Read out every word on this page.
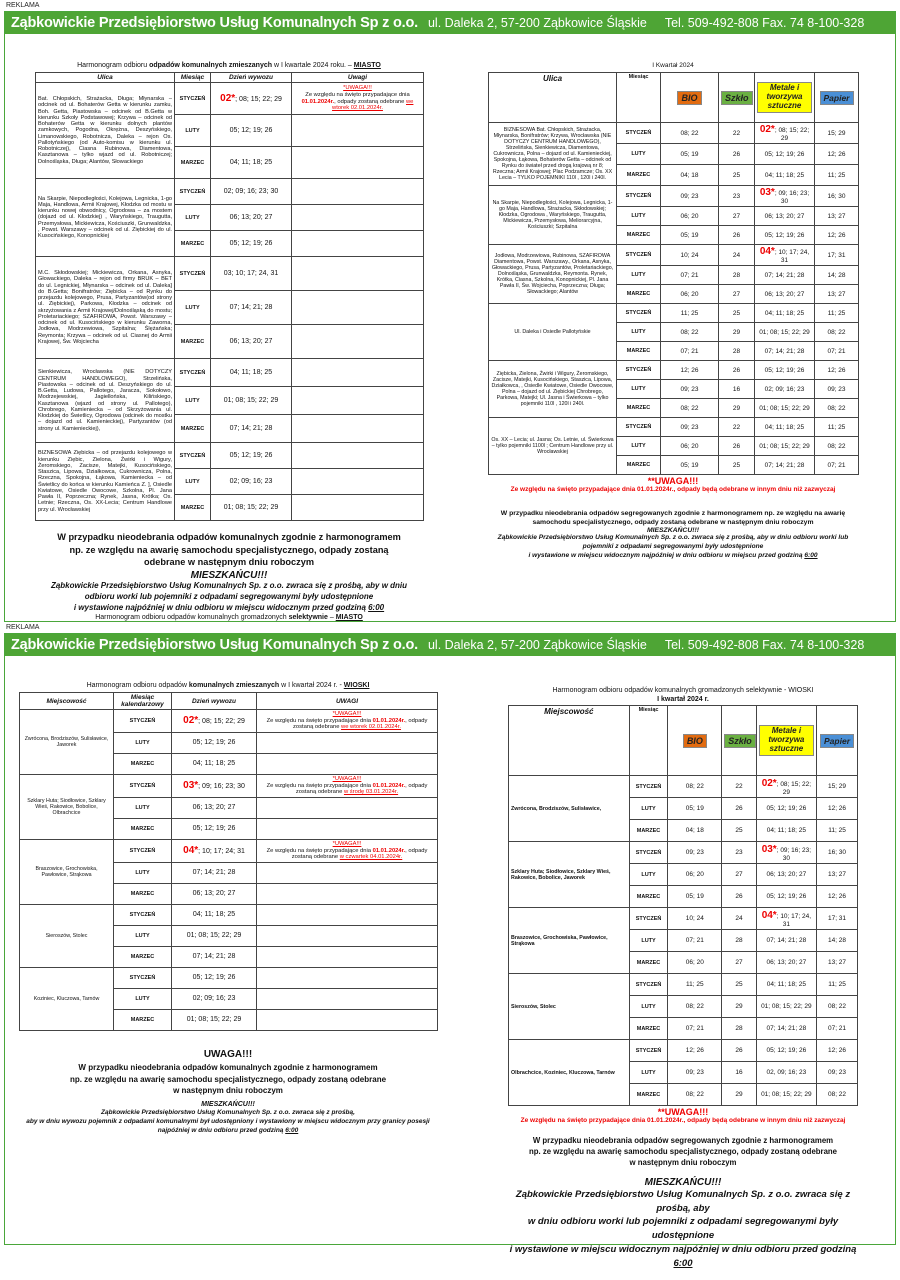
REKLAMA
Ząbkowickie Przedsiębiorstwo Usług Komunalnych Sp z o.o. ul. Daleka 2, 57-200 Ząbkowice Śląskie Tel. 509-492-808 Fax. 74 8-100-328
Harmonogram odbioru odpadów komunalnych zmieszanych w I kwartale 2024 roku. – MIASTO
Ulica	Miesiąc	Dzień wywozu	Uwagi
Bat. Chłopskich, Strażacka, Długa; Młynarska – odcinek od ul. Bohaterów Getta w kierunku zamku, Boh. Getta, Piastowska – odcinek od B.Getta w kierunku Szkoły Podstawowej; Krzywa – odcinek od Bohaterów Getta w kierunku dolnych plantów zamkowych, Pogodna, Okrężna, Deszyńskiego, Limanowskiego, Robotnicza, Daleka – rejon Os. Pallotyńskiego (od Auto-komisu w kierunku ul. Robotniczej), Ciasna Rubinowa, Diamentowa, Kasztanowa – tylko wjazd od ul. Robotniczej; Dolnośląska, Długa; Alantów, Słowackiego	STYCZEŃ	02*; 08; 15; 22; 29	*UWAGA!!!
Ze względu na święto przypadające dnia 01.01.2024r., odpady zostaną odebrane we wtorek 02.01.2024r.
	LUTY	05; 12; 19; 26	
	MARZEC	04; 11; 18; 25	
Na Skarpie, Niepodległości, Kolejowa, Legnicka, 1-go Maja, Handlowa, Armii Krajowej, Kłodzka od mostu w kierunku nowej obwodnicy, Ogrodowa – za mostem (dojazd od ul. Kłodzkiej) , Waryńskiego, Traugutta, Przemysłowa, Mickiewicza, Kościuszki, Grunwaldzka, , Powst. Warszawy – odcinek od ul. Ziębickiej do ul. Kusocińskiego, Konopnickiej	STYCZEŃ	02; 09; 16; 23; 30	
	LUTY	06; 13; 20; 27	
	MARZEC	05; 12; 19; 26	
M.C. Skłodowskiej; Mickiewicza, Orkana, Asnyka, Głowackiego, Daleka – rejon od firmy BRUK – BET do ul. Legnickiej, Młynarska – odcinek od ul. Daleka] do B.Getta; Bonifratrów; Ziębicka – od Rynku do przejazdu kolejowego, Prusa, Partyzantów(od strony ul. Ziębickiej), Parkowa, Kłodzka – odcinek od skrzyżowania z Armii Krajowej/Dolnośląską do mostu; Proletariackiego; SZAFIROWA, Powst. Warszawy – odcinek od ul. Kusocińskiego w kierunku Zaworna, Jodłowa, Modrzewiowa, Szpitalna; Ślężańska; Reymonta; Krzywa – odcinek od ul. Ciasnej do Armii Krajowej, Św. Wojciecha	STYCZEŃ	03; 10; 17; 24, 31	
	LUTY	07; 14; 21; 28	
	MARZEC	06; 13; 20; 27	
Sienkiewicza, Wrocławska (NIE DOTYCZY CENTRUM HANDLOWEGO), Strzelińska, Piastowska – odcinek od ul. Deszyńskiego do ul. B.Getta, Ludowa, Pallotego, Jaracza, Sokołowo, Modrzejewskiej, Jagiellońska, Kilińskiego, Kasztanowa (wjazd od strony ul. Pallotego), Chrobrego, Kamieniecka – od Skrzyżowania ul. Kłodzkiej do Świetlicy, Ogrodowa (odcinek do mostku – dojazd od ul. Kamienieckiej), Partyzantów (od strony ul. Kamienieckiej),	STYCZEŃ	04; 11; 18; 25	
	LUTY	01; 08; 15; 22; 29	
	MARZEC	07; 14; 21; 28	
BIZNESOWA Ziębicka – od przejazdu kolejowego w kierunku Ziębic, Zielona, Żwirki i Wigury, Żeromskiego, Zacisze, Matejki, Kusocińskiego, Staszica, Lipowa, Działkowca, Cukrownicza, Polna, Rzeczna, Spokojna, Łąkowa, Kamieniecka – od Świetlicy do końca w kierunku Kamieńca Z. ], Osiedle Kwiatowe, Osiedle Owocowe, Szkolna, Pl. Jana Pawła II, Poprzeczna; Rynek, Jasna, Krótka; Os. Letnie; Rzeczna, Os. XX-Lecia; Centrum Handlowe przy ul. Wrocławskiej	STYCZEŃ	05; 12; 19; 26	
	LUTY	02; 09; 16; 23	
	MARZEC	01; 08; 15; 22; 29	
W przypadku nieodebrania odpadów komunalnych zgodnie z harmonogramem
np. ze względu na awarię samochodu specjalistycznego, odpady zostaną
odebrane w następnym dniu roboczym
MIESZKAŃCU!!!
Ząbkowickie Przedsiębiorstwo Usług Komunalnych Sp. z o.o. zwraca się z prośbą, aby w dniu
odbioru worki lub pojemniki z odpadami segregowanymi były udostępnione
i wystawione najpóźniej w dniu odbioru w miejscu widocznym przed godziną 6:00
Harmonogram odbioru odpadów komunalnych gromadzonych selektywnie – MIASTO
I Kwartał 2024
Ulica	Miesiąc	BIO	Szkło	Metale i tworzywa sztuczne	Papier
BIZNESOWA Bat. Chłopskich, Strażacka, Młynarska, Bonifratrów; Krzywa, Wrocławska (NIE DOTYCZY CENTRUM HANDLOWEGO), Strzelińska, Sienkiewicza, Diamentowa, Cukrownicza, Polna – dojazd od ul. Kamienieckiej, Spokojna, Łąkowa, Bohaterów Getta – odcinek od Rynku do świateł przed drogą krajową nr 8; Rzeczna; Armii Krajowej; Plac Podzamcze; Os. XX Lecia – TYLKO POJEMNIKI 110l , 120l i 240l.	STYCZEŃ	08; 22	22	02*; 08; 15; 22; 29	15; 29
	LUTY	05; 19	26	05; 12; 19; 26	12; 26
	MARZEC	04; 18	25	04; 11; 18; 25	11; 25
Na Skarpie, Niepodległości, Kolejowa, Legnicka, 1-go Maja, Handlowa, Strażacka, Skłodowskiej; Kłodzka, Ogrodowa , Waryńskiego, Traugutta, Mickiewicza, Przemysłowa, Meliorarcyjna, Kościuszki; Szpitalna	STYCZEŃ	09; 23	23	03*; 09; 16; 23; 30	16; 30
	LUTY	06; 20	27	06; 13; 20; 27	13; 27
	MARZEC	05; 19	26	05; 12; 19; 26	12; 26
Jodłowa, Modrzewiowa, Rubinowa, SZAFIROWA Diamentowa, Powst. Warszawy., Orkana, Asnyka, Głowackiego, Prusa, Partyzantów, Proletariackiego, Dolnośląska, Grunwaldzka, Reymonta. Rynek, Krótka, Ciasna, Szkolna, Konopnickiej, Pl. Jana Pawła II, Św. Wojciecha, Poprzeczna; Długa; Słowackiego; Alantów	STYCZEŃ	10; 24	24	04*; 10; 17; 24, 31	17; 31
	LUTY	07; 21	28	07; 14; 21; 28	14; 28
	MARZEC	06; 20	27	06; 13; 20; 27	13; 27
Ul. Daleka i Osiedle Pallotyńskie	STYCZEŃ	11; 25	25	04; 11; 18; 25	11; 25
	LUTY	08; 22	29	01; 08; 15; 22; 29	08; 22
	MARZEC	07; 21	28	07; 14; 21; 28	07; 21
Ziębicka, Zielona, Żwirki i Wigury, Żeromskiego, Zacisze, Matejki, Kusocińskiego, Staszica, Lipowa, Działkowca, , Osiedle Kwiatowe, Osiedle Owocowe, Polna – dojazd od ul. Ziębickiej Chrobrego, Parkowa, Matejki; Ul. Jasna i Świerkowa – tylko pojemniki 110l , 120l i 240l.	STYCZEŃ	12; 26	26	05; 12; 19; 26	12; 26
	LUTY	09; 23	16	02; 09; 16; 23	09; 23
	MARZEC	08; 22	29	01; 08; 15; 22; 29	08; 22
Os. XX – Lecia; ul. Jasna; Os. Letnie, ul. Świerkowa – tylko pojemniki 1100l ; Centrum Handlowe przy ul. Wrocławskiej	STYCZEŃ	09; 23	22	04; 11; 18; 25	11; 25
	LUTY	06; 20	26	01; 08; 15; 22; 29	08; 22
	MARZEC	05; 19	25	07; 14; 21; 28	07; 21
**UWAGA!!!
Ze względu na święto przypadające dnia 01.01.2024r., odpady będą odebrane w innym dniu niż zazwyczaj
W przypadku nieodebrania odpadów segregowanych zgodnie z harmonogramem np. ze względu na awarię
samochodu specjalistycznego, odpady zostaną odebrane w następnym dniu roboczym
MIESZKAŃCU!!!
Ząbkowickie Przedsiębiorstwo Usług Komunalnych Sp. z o.o. zwraca się z prośbą, aby w dniu odbioru worki lub
pojemniki z odpadami segregowanymi były udostępnione
i wystawione w miejscu widocznym najpóźniej w dniu odbioru w miejscu przed godziną 6:00
REKLAMA
Ząbkowickie Przedsiębiorstwo Usług Komunalnych Sp z o.o. ul. Daleka 2, 57-200 Ząbkowice Śląskie Tel. 509-492-808 Fax. 74 8-100-328
Harmonogram odbioru odpadów komunalnych zmieszanych w I kwartał 2024 r. - WIOSKI
Miejscowość	Miesiąc kalendarzowy	Dzień wywozu	UWAGI
Zwrócona, Brodziszów, Sulisławice, Jaworek	STYCZEŃ	02*; 08; 15; 22; 29	*UWAGA!!!
Ze względu na święto przypadające dnia 01.01.2024r., odpady zostaną odebrane we wtorek 02.01.2024r.
	LUTY	05; 12; 19; 26	
	MARZEC	04; 11; 18; 25	
Szklary Huta; Siodłowice, Szklary Wieś, Rakowice, Bobolice, Olbrachcice	STYCZEŃ	03*; 09; 16; 23; 30	*UWAGA!!!
Ze względu na święto przypadające dnia 01.01.2024r., odpady zostaną odebrane w środę 03.01.2024r.
	LUTY	06; 13; 20; 27	
	MARZEC	05; 12; 19; 26	
Braszowice, Grochowiska, Pawłowice, Strąkowa	STYCZEŃ	04*; 10; 17; 24; 31	*UWAGA!!!
Ze względu na święto przypadające dnia 01.01.2024r., odpady zostaną odebrane w czwartek 04.01.2024r.
	LUTY	07; 14; 21; 28	
	MARZEC	06; 13; 20; 27	
Sieroszów, Stolec	STYCZEŃ	04; 11; 18; 25	
	LUTY	01; 08; 15; 22; 29	
	MARZEC	07; 14; 21; 28	
Koziniec, Kluczowa, Tarnów	STYCZEŃ	05; 12; 19; 26	
	LUTY	02; 09; 16; 23	
	MARZEC	01; 08; 15; 22; 29	
UWAGA!!!
W przypadku nieodebrania odpadów komunalnych zgodnie z harmonogramem
np. ze względu na awarię samochodu specjalistycznego, odpady zostaną odebrane
w następnym dniu roboczym
MIESZKAŃCU!!!
Ząbkowickie Przedsiębiorstwo Usług Komunalnych Sp. z o.o. zwraca się z prośbą,
aby w dniu wywozu pojemnik z odpadami komunalnymi był udostępniony i wystawiony w miejscu widocznym przy granicy posesji
najpóźniej w dniu odbioru przed godziną 6:00
Harmonogram odbioru odpadów komunalnych gromadzonych selektywnie - WIOSKI
I kwartał 2024 r.
Miejscowość	Miesiąc	BIO	Szkło	Metale i tworzywa sztuczne	Papier
Zwrócona, Brodziszów, Sulisławice,	STYCZEŃ	08; 22	22	02*; 08; 15; 22; 29	15; 29
	LUTY	05; 19	26	05; 12; 19; 26	12; 26
	MARZEC	04; 18	25	04; 11; 18; 25	11; 25
Szklary Huta; Siodłowice, Szklary Wieś, Rakowice, Bobolice, Jaworek	STYCZEŃ	09; 23	23	03*; 09; 16; 23; 30	16; 30
	LUTY	06; 20	27	06; 13; 20; 27	13; 27
	MARZEC	05; 19	26	05; 12; 19; 26	12; 26
Braszowice, Grochowiska, Pawłowice, Strąkowa	STYCZEŃ	10; 24	24	04*; 10; 17; 24, 31	17; 31
	LUTY	07; 21	28	07; 14; 21; 28	14; 28
	MARZEC	06; 20	27	06; 13; 20; 27	13; 27
Sieroszów, Stolec	STYCZEŃ	11; 25	25	04; 11; 18; 25	11; 25
	LUTY	08; 22	29	01; 08; 15; 22; 29	08; 22
	MARZEC	07; 21	28	07; 14; 21; 28	07; 21
Olbrachcice, Koziniec, Kluczowa, Tarnów	STYCZEŃ	12; 26	26	05; 12; 19; 26	12; 26
	LUTY	09; 23	16	02, 09; 16; 23	09; 23
	MARZEC	08; 22	29	01; 08; 15; 22; 29	08; 22
**UWAGA!!!
Ze względu na święto przypadające dnia 01.01.2024r., odpady będą odebrane w innym dniu niż zazwyczaj
W przypadku nieodebrania odpadów segregowanych zgodnie z harmonogramem
np. ze względu na awarię samochodu specjalistycznego, odpady zostaną odebrane
w następnym dniu roboczym
MIESZKAŃCU!!!
Ząbkowickie Przedsiębiorstwo Usług Komunalnych Sp. z o.o. zwraca się z prośbą, aby
w dniu odbioru worki lub pojemniki z odpadami segregowanymi były udostępnione
i wystawione w miejscu widocznym najpóźniej w dniu odbioru przed godziną 6:00
